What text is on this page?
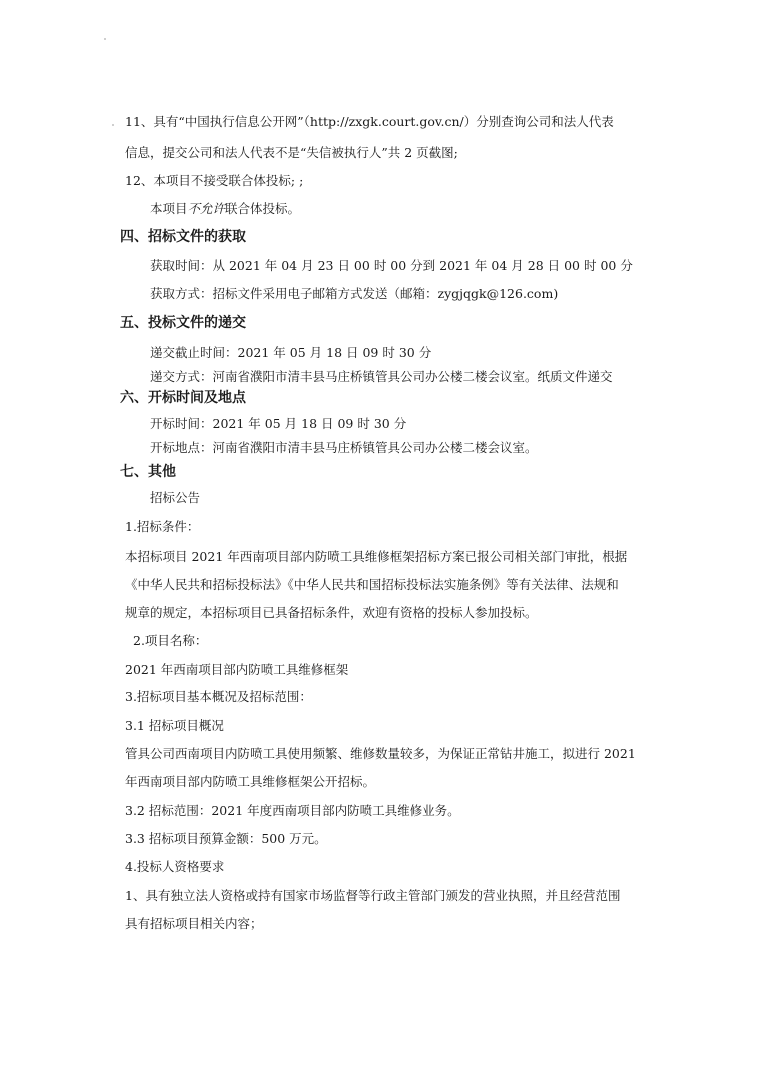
11、具有“中国执行信息公开网”（http://zxgk.court.gov.cn/）分别查询公司和法人代表
信息，提交公司和法人代表不是“失信被执行人”共 2 页截图;
12、本项目不接受联合体投标; ;
本项目不允许联合体投标。
四、招标文件的获取
获取时间：从 2021 年 04 月 23 日 00 时 00 分到 2021 年 04 月 28 日 00 时 00 分
获取方式：招标文件采用电子邮箱方式发送（邮箱：zygjqgk@126.com)
五、投标文件的递交
递交截止时间：2021 年 05 月 18 日 09 时 30 分
递交方式：河南省濮阳市清丰县马庄桥镇管具公司办公楼二楼会议室。纸质文件递交
六、开标时间及地点
开标时间：2021 年 05 月 18 日 09 时 30 分
开标地点：河南省濮阳市清丰县马庄桥镇管具公司办公楼二楼会议室。
七、其他
招标公告
1.招标条件：
本招标项目 2021 年西南项目部内防喷工具维修框架招标方案已报公司相关部门审批，根据
《中华人民共和招标投标法》《中华人民共和国招标投标法实施条例》等有关法律、法规和
规章的规定，本招标项目已具备招标条件，欢迎有资格的投标人参加投标。
2.项目名称：
2021 年西南项目部内防喷工具维修框架
3.招标项目基本概况及招标范围：
3.1 招标项目概况
管具公司西南项目内防喷工具使用频繁、维修数量较多，为保证正常钻井施工，拟进行 2021
年西南项目部内防喷工具维修框架公开招标。
3.2 招标范围：2021 年度西南项目部内防喷工具维修业务。
3.3 招标项目预算金额：500 万元。
4.投标人资格要求
1、具有独立法人资格或持有国家市场监督等行政主管部门颁发的营业执照，并且经营范围
具有招标项目相关内容；
